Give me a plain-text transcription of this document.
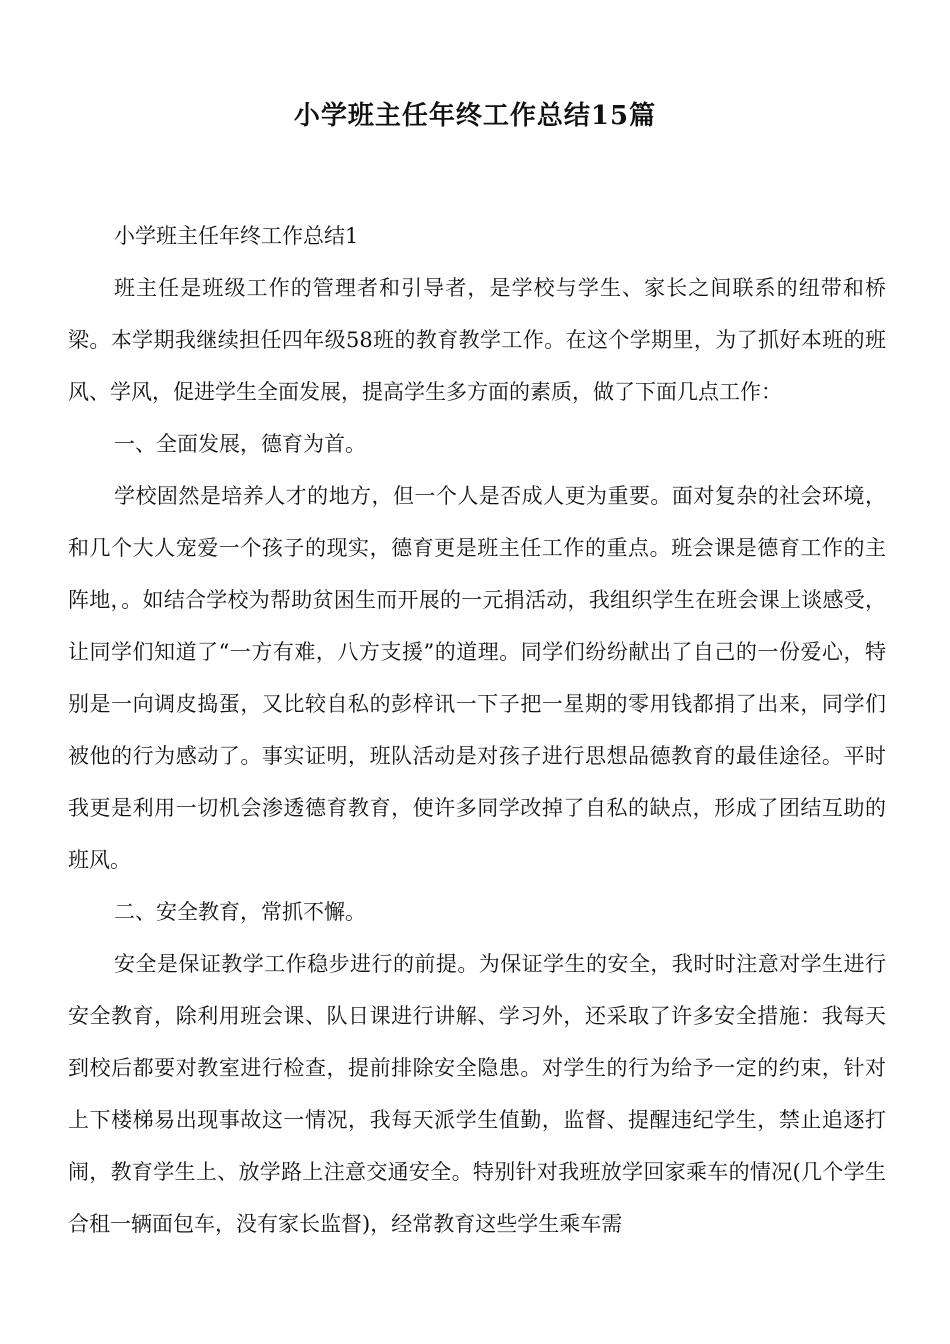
小学班主任年终工作总结15篇

小学班主任年终工作总结1

班主任是班级工作的管理者和引导者，是学校与学生、家长之间联系的纽带和桥梁。本学期我继续担任四年级58班的教育教学工作。在这个学期里，为了抓好本班的班风、学风，促进学生全面发展，提高学生多方面的素质，做了下面几点工作：

一、全面发展，德育为首。

学校固然是培养人才的地方，但一个人是否成人更为重要。面对复杂的社会环境，和几个大人宠爱一个孩子的现实，德育更是班主任工作的重点。班会课是德育工作的主阵地，。如结合学校为帮助贫困生而开展的一元捐活动，我组织学生在班会课上谈感受，让同学们知道了“一方有难，八方支援”的道理。同学们纷纷献出了自己的一份爱心，特别是一向调皮捣蛋，又比较自私的彭梓讯一下子把一星期的零用钱都捐了出来，同学们被他的行为感动了。事实证明，班队活动是对孩子进行思想品德教育的最佳途径。平时我更是利用一切机会渗透德育教育，使许多同学改掉了自私的缺点，形成了团结互助的班风。

二、安全教育，常抓不懈。

安全是保证教学工作稳步进行的前提。为保证学生的安全，我时时注意对学生进行安全教育，除利用班会课、队日课进行讲解、学习外，还采取了许多安全措施：我每天到校后都要对教室进行检查，提前排除安全隐患。对学生的行为给予一定的约束，针对上下楼梯易出现事故这一情况，我每天派学生值勤，监督、提醒违纪学生，禁止追逐打闹，教育学生上、放学路上注意交通安全。特别针对我班放学回家乘车的情况(几个学生合租一辆面包车，没有家长监督)，经常教育这些学生乘车需
